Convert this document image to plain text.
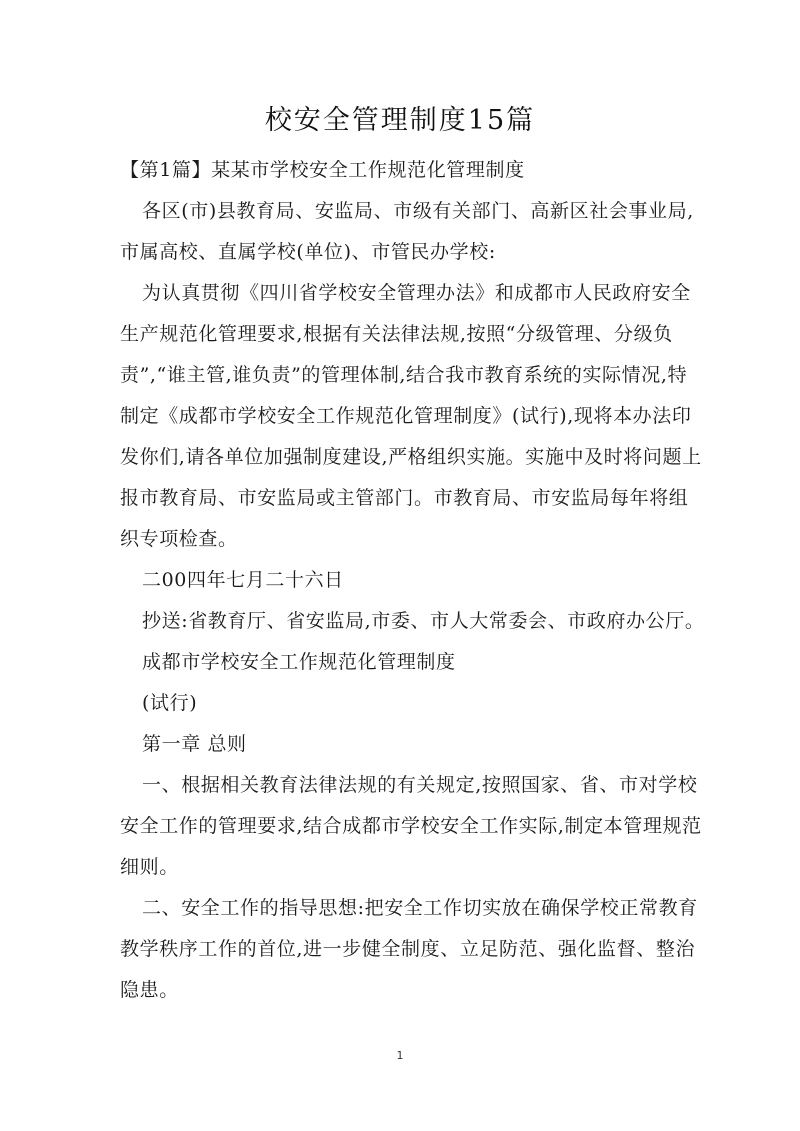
校安全管理制度15篇

【第1篇】某某市学校安全工作规范化管理制度

各区(市)县教育局、安监局、市级有关部门、高新区社会事业局,市属高校、直属学校(单位)、市管民办学校:

为认真贯彻《四川省学校安全管理办法》和成都市人民政府安全生产规范化管理要求,根据有关法律法规,按照“分级管理、分级负责”,“谁主管,谁负责”的管理体制,结合我市教育系统的实际情况,特制定《成都市学校安全工作规范化管理制度》(试行),现将本办法印发你们,请各单位加强制度建设,严格组织实施。实施中及时将问题上报市教育局、市安监局或主管部门。市教育局、市安监局每年将组织专项检查。

二00四年七月二十六日

抄送:省教育厅、省安监局,市委、市人大常委会、市政府办公厅。

成都市学校安全工作规范化管理制度

(试行)

第一章 总则

一、根据相关教育法律法规的有关规定,按照国家、省、市对学校安全工作的管理要求,结合成都市学校安全工作实际,制定本管理规范细则。

二、安全工作的指导思想:把安全工作切实放在确保学校正常教育教学秩序工作的首位,进一步健全制度、立足防范、强化监督、整治隐患。

1
